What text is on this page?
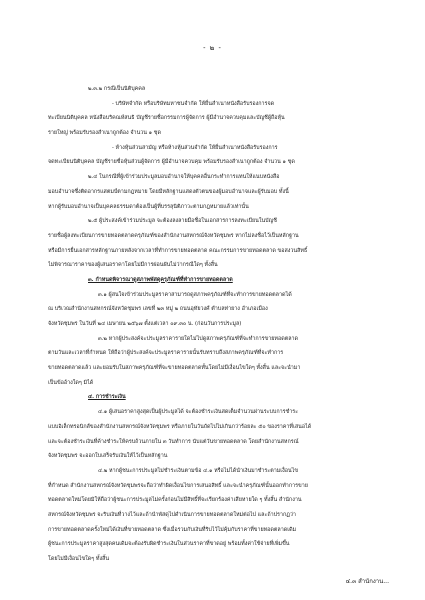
- ๒ -
๒.๓.๒ กรณีเป็นนิติบุคคล
- บริษัทจำกัด หรือบริษัทมหาชนจำกัด ให้ยื่นสำเนาหนังสือรับรองการจด
ทะเบียนนิติบุคคล หนังสือบริคณห์สนธิ บัญชีรายชื่อกรรมการผู้จัดการ ผู้มีอำนาจควบคุมและบัญชีผู้ถือหุ้น
รายใหญ่ พร้อมรับรองสำเนาถูกต้อง จำนวน ๑ ชุด
- ห้างหุ้นส่วนสามัญ หรือห้างหุ้นส่วนจำกัด ให้ยื่นสำเนาหนังสือรับรองการ
จดทะเบียนนิติบุคคล บัญชีรายชื่อหุ้นส่วนผู้จัดการ ผู้มีอำนาจควบคุม พร้อมรับรองสำเนาถูกต้อง จำนวน ๑ ชุด
๒.๔ ในกรณีที่ผู้เข้าร่วมประมูลมอบอำนาจให้บุคคลอื่นกระทำการแทนให้แนบหนังสือ
มอบอำนาจซึ่งติดอากรแสตมป์ตามกฎหมาย โดยมีหลักฐานแสดงตัวตนของผู้มอบอำนาจและผู้รับมอบ ทั้งนี้
หากผู้รับมอบอำนาจเป็นบุคคลธรรมดาต้องเป็นผู้ที่บรรลุนิติภาวะตามกฎหมายแล้วเท่านั้น
๒.๕ ผู้ประสงค์เข้าร่วมประมูล จะต้องลงลายมือชื่อในเอกสารการลงทะเบียนในบัญชี
รายชื่อผู้ลงทะเบียนการขายทอดตลาดครุภัณฑ์ของสำนักงานสหกรณ์จังหวัดชุมพร หากไม่ลงชื่อไว้เป็นหลักฐาน
หรือมีการยื่นเอกสารหลักฐานภายหลังจากเวลาที่ทำการขายทอดตลาด คณะกรรมการขายทอดตลาด ขอสงวนสิทธิ์
ไม่พิจารณาราคาของผู้เสนอราคาโดยไม่มีการผ่อนผันไม่ว่ากรณีใดๆ ทั้งสิ้น
๓. กำหนดพิจารณาดูสภาพพัสดุครุภัณฑ์ที่ทำการขายทอดตลาด
๓.๑ ผู้สนใจเข้าร่วมประมูลราคาสามารถดูสภาพครุภัณฑ์ที่จะทำการขายทอดตลาดได้
ณ บริเวณสำนักงานสหกรณ์จังหวัดชุมพร เลขที่ ๒๓ หมู่ ๒ ถนนอุทัยวงศ์ ตำบลท่ายาง อำเภอเมือง
จังหวัดชุมพร ในวันที่ ๒๔ เมษายน ๒๕๖๗ ตั้งแต่เวลา ๐๙.๓๐ น. (ก่อนวันการประมูล)
๓.๒ หากผู้ประสงค์จะประมูลราคารายใดไม่ไปดูสภาพครุภัณฑ์ที่จะทำการขายทอดตลาด
ตามวันและเวลาที่กำหนด ให้ถือว่าผู้ประสงค์จะประมูลราคารายนั้นรับทราบถึงสภาพครุภัณฑ์ที่จะทำการ
ขายทอดตลาดแล้ว และยอมรับในสภาพครุภัณฑ์ที่จะขายทอดตลาดทั้นโดยไม่มีเงื่อนไขใดๆ ทั้งสิ้น และจะนำมา
เป็นข้ออ้างใดๆ มิได้
๔. การชำระเงิน
๔.๑ ผู้เสนอราคาสูงสุดเป็นผู้ประมูลได้ จะต้องชำระเงินสดเต็มจำนวนผ่านระบบการชำระ
แบบอิเล็กทรอนิกส์ของสำนักงานสหกรณ์จังหวัดชุมพร หรือภายในวันถัดไปไม่เกินกว่าร้อยละ ๕๐ ของราคาที่เสนอได้
และจะต้องชำระเงินที่ค้างชำระให้ครบถ้วนภายใน ๓ วันทำการ นับแต่วันขายทอดตลาด โดยสำนักงานสหกรณ์
จังหวัดชุมพร จะออกใบเสร็จรับเงินให้ไว้เป็นหลักฐาน
๔.๒ หากผู้ชนะการประมูลไม่ชำระเงินตามข้อ ๔.๑ หรือไม่ได้นำเงินมาชำระตามเงื่อนไข
ที่กำหนด สำนักงานสหกรณ์จังหวัดชุมพรจะถือว่าทำผิดเงื่อนไขการเสนอสิทธิ์ และจะนำครุภัณฑ์นั้นออกทำการขาย
ทอดตลาดใหม่โดยมิให้ถือว่าผู้ชนะการประมูลไม่ครั้งก่อนไม่มีสิทธิ์ที่จะเรียกร้องค่าเสียหายใด ๆ ทั้งสิ้น สำนักงาน
สหกรณ์จังหวัดชุมพร จะริบเงินที่วางไว้และถ้านำพัสดุไปดำเนินการขายทอดตลาดใหม่ต่อไป และถ้าปรากฏว่า
การขายทอดตลาดครั้งใหม่ได้เงินที่ขายทอดตลาด ซึ่งเมื่อรวมกับเงินที่ริบไว้ไม่คุ้มกับราคาที่ขายทอดตลาดเดิม
ผู้ชนะการประมูลราคาสูงสุดคนเดิมจะต้องรับผิดชำระเงินในส่วนราคาที่ขาดอยู่ พร้อมทั้งค่าใช้จ่ายที่เพิ่มขึ้น
โดยไม่มีเงื่อนไขใดๆ ทั้งสิ้น
๔.๓ สำนักงาน...
